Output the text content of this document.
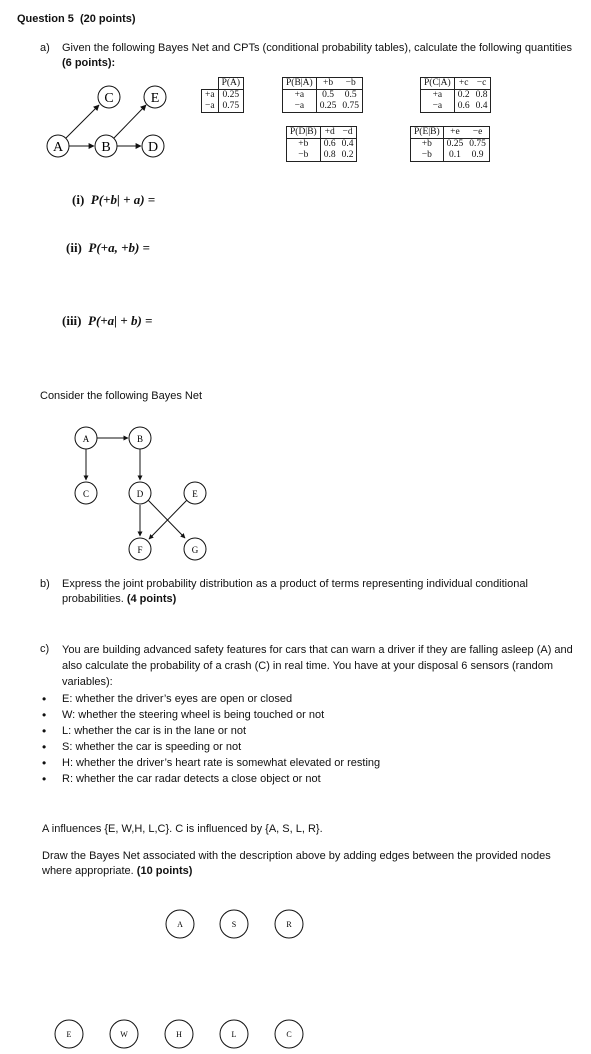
Question 5 (20 points)
a) Given the following Bayes Net and CPTs (conditional probability tables), calculate the following quantities (6 points):
C	E
A	B	D
	P(A)
+a	0.25
−a	0.75
P(B|A)	+b	−b
+a	0.5	0.5
−a	0.25	0.75
P(C|A)	+c	−c
+a	0.2	0.8
−a	0.6	0.4
P(D|B)	+d	−d
+b	0.6	0.4
−b	0.8	0.2
P(E|B)	+e	−e
+b	0.25	0.75
−b	0.1	0.9
(i) P(+b| + a) =
(ii) P(+a, +b) =
(iii) P(+a| + b) =
Consider the following Bayes Net
A	B
C	D	E
F	G
b) Express the joint probability distribution as a product of terms representing individual conditional probabilities. (4 points)
c) You are building advanced safety features for cars that can warn a driver if they are falling asleep (A) and also calculate the probability of a crash (C) in real time. You have at your disposal 6 sensors (random variables):
• E: whether the driver’s eyes are open or closed
• W: whether the steering wheel is being touched or not
• L: whether the car is in the lane or not
• S: whether the car is speeding or not
• H: whether the driver’s heart rate is somewhat elevated or resting
• R: whether the car radar detects a close object or not
A influences {E, W,H, L,C}. C is influenced by {A, S, L, R}.
Draw the Bayes Net associated with the description above by adding edges between the provided nodes where appropriate. (10 points)
A	S	R
E	W	H	L	C
